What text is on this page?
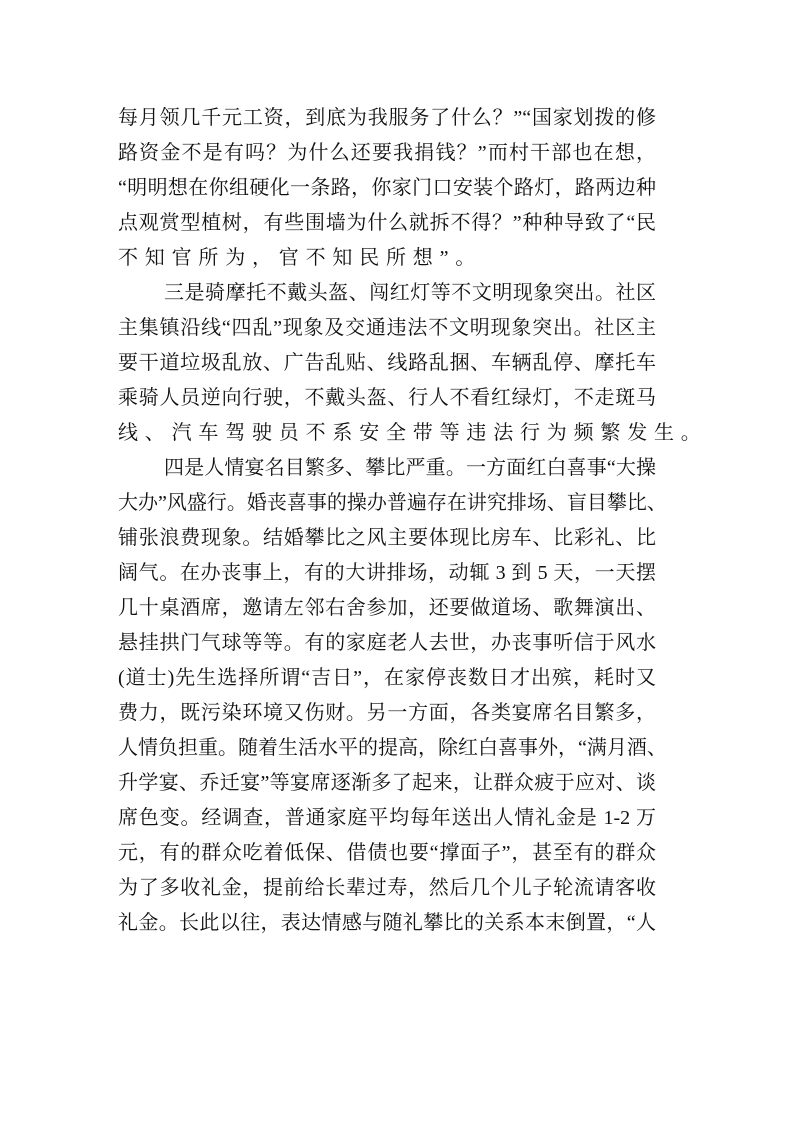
每月领几千元工资，到底为我服务了什么？”“国家划拨的修
路资金不是有吗？为什么还要我捐钱？”而村干部也在想，
“明明想在你组硬化一条路，你家门口安装个路灯，路两边种
点观赏型植树，有些围墙为什么就拆不得？”种种导致了“民
不知官所为，官不知民所想”。
三是骑摩托不戴头盔、闯红灯等不文明现象突出。社区
主集镇沿线“四乱”现象及交通违法不文明现象突出。社区主
要干道垃圾乱放、广告乱贴、线路乱捆、车辆乱停、摩托车
乘骑人员逆向行驶，不戴头盔、行人不看红绿灯，不走斑马
线、汽车驾驶员不系安全带等违法行为频繁发生。
四是人情宴名目繁多、攀比严重。一方面红白喜事“大操
大办”风盛行。婚丧喜事的操办普遍存在讲究排场、盲目攀比、
铺张浪费现象。结婚攀比之风主要体现比房车、比彩礼、比
阔气。在办丧事上，有的大讲排场，动辄 3 到 5 天，一天摆
几十桌酒席，邀请左邻右舍参加，还要做道场、歌舞演出、
悬挂拱门气球等等。有的家庭老人去世，办丧事听信于风水
(道士)先生选择所谓“吉日”，在家停丧数日才出殡，耗时又
费力，既污染环境又伤财。另一方面，各类宴席名目繁多，
人情负担重。随着生活水平的提高，除红白喜事外，“满月酒、
升学宴、乔迁宴”等宴席逐渐多了起来，让群众疲于应对、谈
席色变。经调查，普通家庭平均每年送出人情礼金是 1-2 万
元，有的群众吃着低保、借债也要“撑面子”，甚至有的群众
为了多收礼金，提前给长辈过寿，然后几个儿子轮流请客收
礼金。长此以往，表达情感与随礼攀比的关系本末倒置，“人
